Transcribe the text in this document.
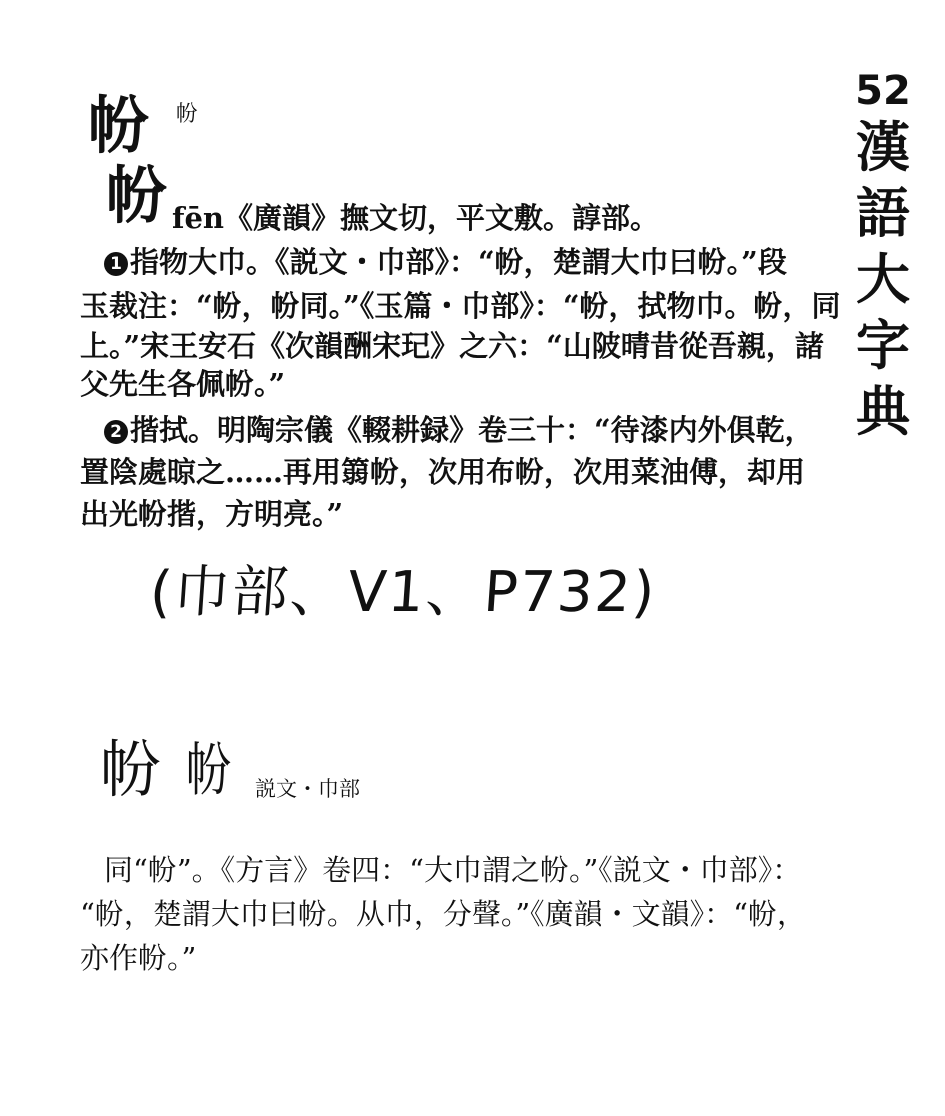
52
漢
語
大
字
典
帉 帉
帉 fēn《廣韻》撫文切，平文敷。諄部。
1 指物大巾。《説文・巾部》：“帉，楚謂大巾曰帉。”段
玉裁注：“帉，帉同。”《玉篇・巾部》：“帉，拭物巾。帉，同
上。”宋王安石《次韻酬宋玘》之六：“山陂晴昔從吾親，諸
父先生各佩帉。”
2 揩拭。明陶宗儀《輟耕録》卷三十：“待漆内外俱乾，
置陰處晾之……再用篛帉，次用布帉，次用菜油傅，却用
出光帉揩，方明亮。”
(巾部、V1、P732)
帉 帉 説文・巾部
同“帉”。《方言》卷四：“大巾謂之帉。”《説文・巾部》：
“帉，楚謂大巾曰帉。从巾，分聲。”《廣韻・文韻》：“帉，
亦作帉。”
